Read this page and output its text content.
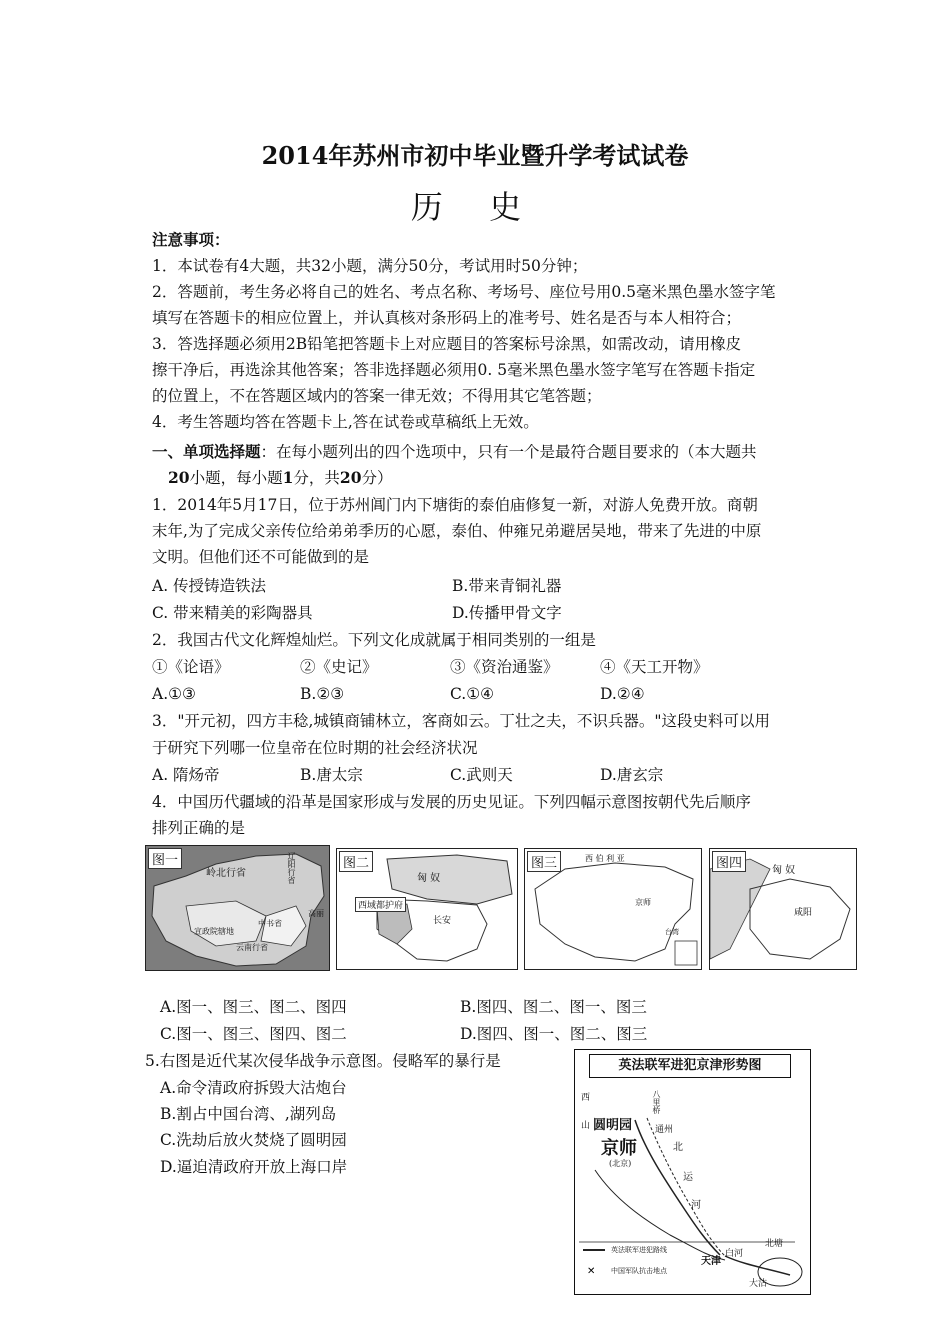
2014年苏州市初中毕业暨升学考试试卷
历 史
注意事项：
1．本试卷有4大题，共32小题，满分50分，考试用时50分钟；
2．答题前，考生务必将自己的姓名、考点名称、考场号、座位号用0.5毫米黑色墨水签字笔
填写在答题卡的相应位置上，并认真核对条形码上的准考号、姓名是否与本人相符合；
3．答选择题必须用2B铅笔把答题卡上对应题目的答案标号涂黑，如需改动，请用橡皮
擦干净后，再选涂其他答案；答非选择题必须用0. 5毫米黑色墨水签字笔写在答题卡指定
的位置上，不在答题区域内的答案一律无效；不得用其它笔答题；
4．考生答题均答在答题卡上,答在试卷或草稿纸上无效。
一、单项选择题：在每小题列出的四个选项中，只有一个是最符合题目要求的（本大题共
20小题，每小题1分，共20分）
1．2014年5月17日，位于苏州阊门内下塘街的泰伯庙修复一新，对游人免费开放。商朝
末年,为了完成父亲传位给弟弟季历的心愿，泰伯、仲雍兄弟避居吴地，带来了先进的中原
文明。但他们还不可能做到的是
A. 传授铸造铁法	B.带来青铜礼器
C. 带来精美的彩陶器具	D.传播甲骨文字
2．我国古代文化辉煌灿烂。下列文化成就属于相同类别的一组是
①《论语》	②《史记》	③《资治通鉴》	④《天工开物》
A.①③	B.②③	C.①④	D.②④
3．"开元初，四方丰稔,城镇商铺林立，客商如云。丁壮之夫，不识兵器。"这段史料可以用
于研究下列哪一位皇帝在位时期的社会经济状况
A. 隋炀帝	B.唐太宗	C.武则天	D.唐玄宗
4．中国历代疆域的沿革是国家形成与发展的历史见证。下列四幅示意图按朝代先后顺序
排列正确的是
图一
岭北行省	辽阳行省
高丽
宣政院辖地
中书省
云南行省
图二
匈 奴
西域都护府
长安
图三	西 伯 利 亚
京师
台湾
图四	匈 奴
咸阳
A.图一、图三、图二、图四	B.图四、图二、图一、图三
C.图一、图三、图四、图二	D.图四、图一、图二、图三
5.右图是近代某次侵华战争示意图。侵略军的暴行是
A.命令清政府拆毁大沽炮台
B.割占中国台湾、,湖列岛
C.洗劫后放火焚烧了圆明园
D.逼迫清政府开放上海口岸
英法联军进犯京津形势图
✕
西
山 圆明园
八里桥
通州
京师
(北京)
北
运
河
天津
白河
北塘
大沽
英法联军进犯路线
中国军队抗击地点
